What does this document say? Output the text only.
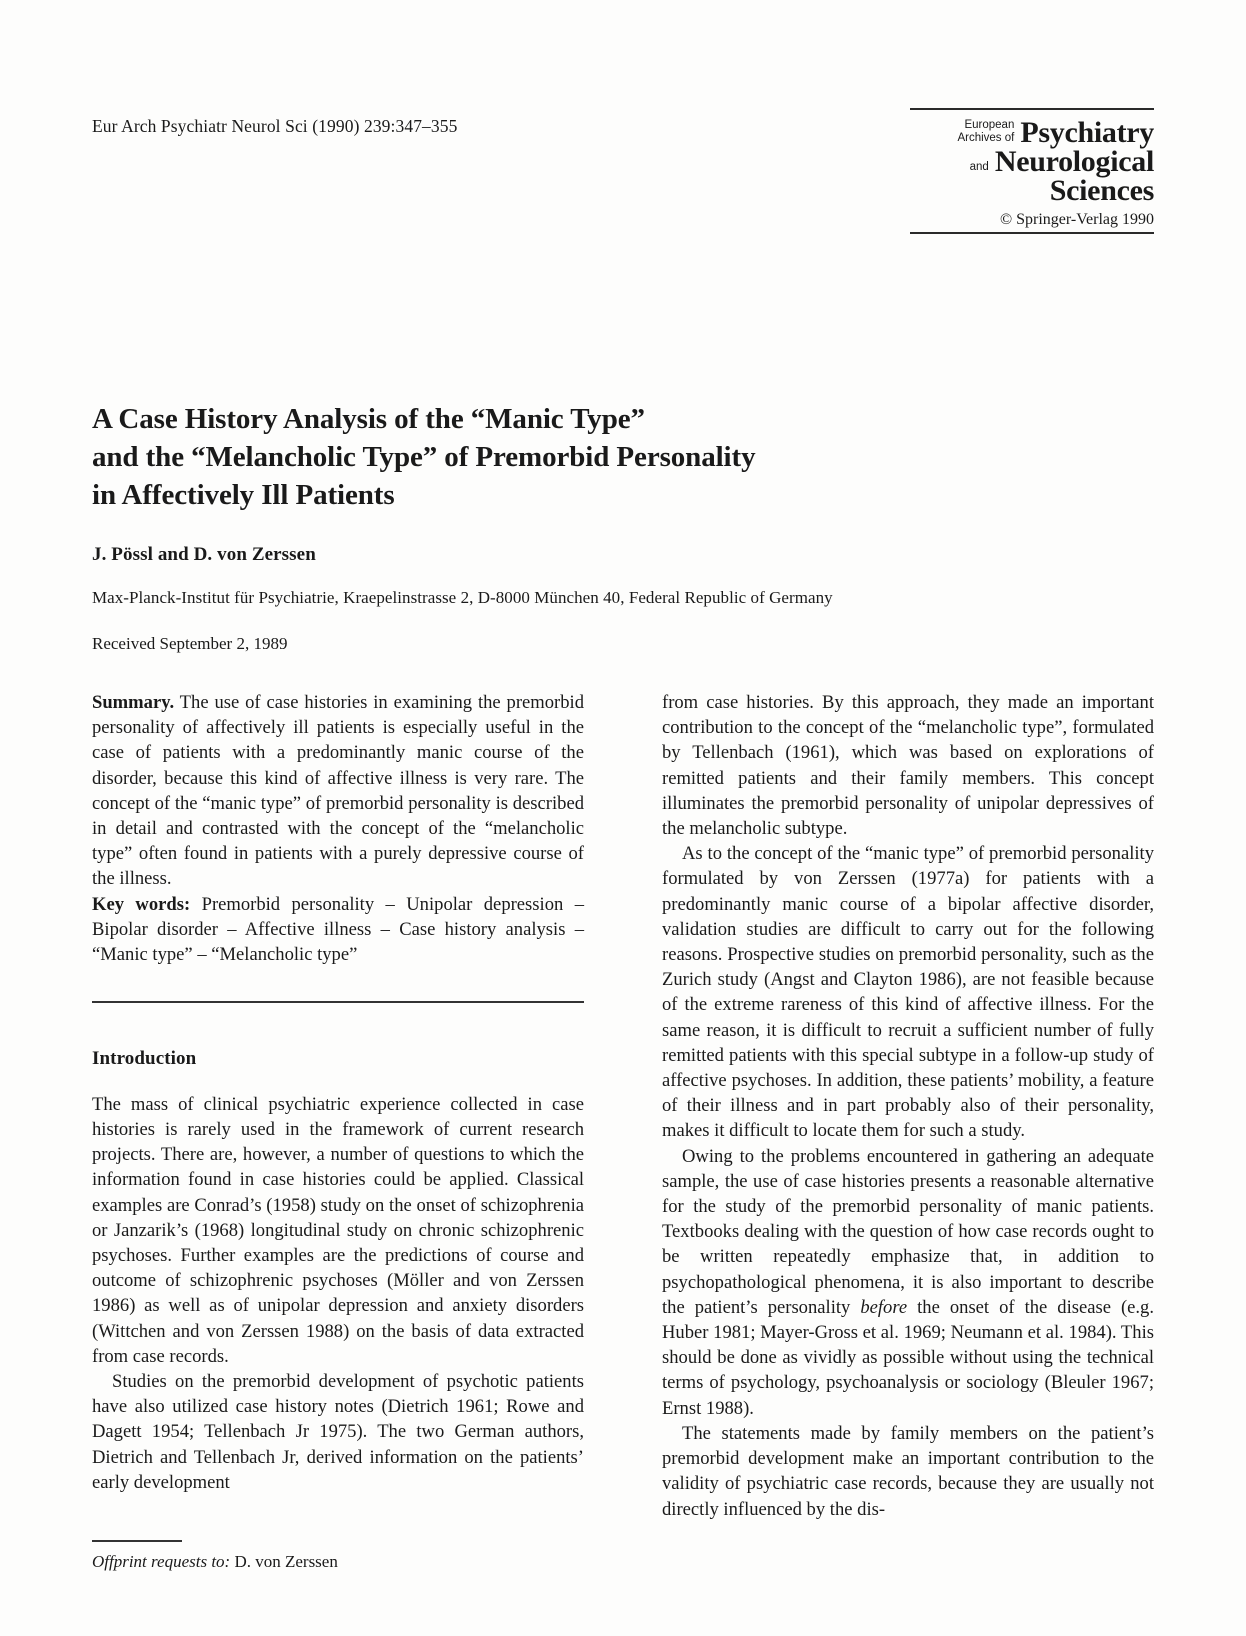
Eur Arch Psychiatr Neurol Sci (1990) 239:347–355	European
Archives of Psychiatry
and Neurological
Sciences
© Springer-Verlag 1990
A Case History Analysis of the “Manic Type”
and the “Melancholic Type” of Premorbid Personality
in Affectively Ill Patients
J. Pössl and D. von Zerssen
Max-Planck-Institut für Psychiatrie, Kraepelinstrasse 2, D-8000 München 40, Federal Republic of Germany
Received September 2, 1989

Summary. The use of case histories in examining the premorbid personality of affectively ill patients is especially useful in the case of patients with a predominantly manic course of the disorder, because this kind of affective illness is very rare. The concept of the “manic type” of premorbid personality is described in detail and contrasted with the concept of the “melancholic type” often found in patients with a purely depressive course of the illness.

Key words: Premorbid personality – Unipolar depression – Bipolar disorder – Affective illness – Case history analysis – “Manic type” – “Melancholic type”

Introduction

The mass of clinical psychiatric experience collected in case histories is rarely used in the framework of current research projects. There are, however, a number of questions to which the information found in case histories could be applied. Classical examples are Conrad’s (1958) study on the onset of schizophrenia or Janzarik’s (1968) longitudinal study on chronic schizophrenic psychoses. Further examples are the predictions of course and outcome of schizophrenic psychoses (Möller and von Zerssen 1986) as well as of unipolar depression and anxiety disorders (Wittchen and von Zerssen 1988) on the basis of data extracted from case records.

Studies on the premorbid development of psychotic patients have also utilized case history notes (Dietrich 1961; Rowe and Dagett 1954; Tellenbach Jr 1975). The two German authors, Dietrich and Tellenbach Jr, derived information on the patients’ early development

from case histories. By this approach, they made an important contribution to the concept of the “melancholic type”, formulated by Tellenbach (1961), which was based on explorations of remitted patients and their family members. This concept illuminates the premorbid personality of unipolar depressives of the melancholic subtype.

As to the concept of the “manic type” of premorbid personality formulated by von Zerssen (1977a) for patients with a predominantly manic course of a bipolar affective disorder, validation studies are difficult to carry out for the following reasons. Prospective studies on premorbid personality, such as the Zurich study (Angst and Clayton 1986), are not feasible because of the extreme rareness of this kind of affective illness. For the same reason, it is difficult to recruit a sufficient number of fully remitted patients with this special subtype in a follow-up study of affective psychoses. In addition, these patients’ mobility, a feature of their illness and in part probably also of their personality, makes it difficult to locate them for such a study.

Owing to the problems encountered in gathering an adequate sample, the use of case histories presents a reasonable alternative for the study of the premorbid personality of manic patients. Textbooks dealing with the question of how case records ought to be written repeatedly emphasize that, in addition to psychopathological phenomena, it is also important to describe the patient’s personality before the onset of the disease (e.g. Huber 1981; Mayer-Gross et al. 1969; Neumann et al. 1984). This should be done as vividly as possible without using the technical terms of psychology, psychoanalysis or sociology (Bleuler 1967; Ernst 1988).

The statements made by family members on the patient’s premorbid development make an important contribution to the validity of psychiatric case records, because they are usually not directly influenced by the dis-

Offprint requests to: D. von Zerssen
